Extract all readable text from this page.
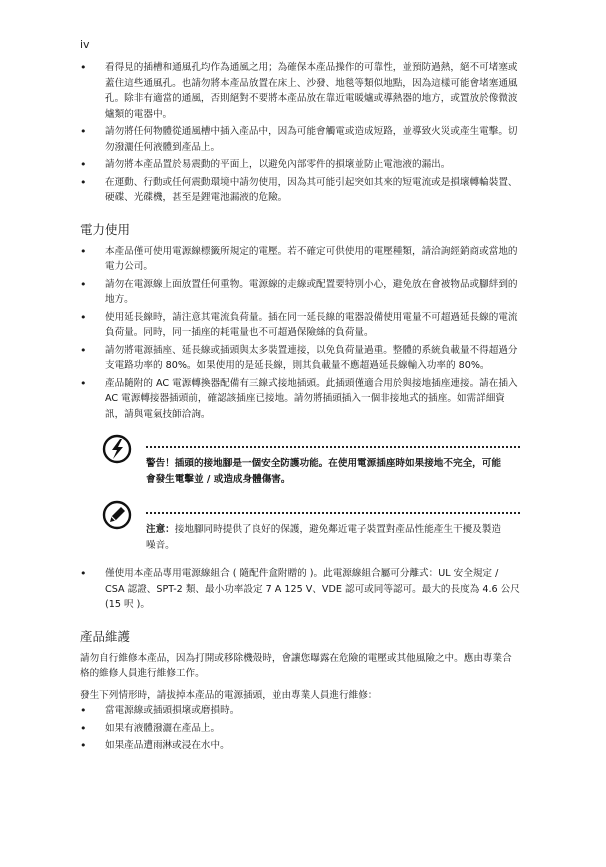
iv
• 看得見的插槽和通風孔均作為通風之用；為確保本產品操作的可靠性，並預防過熱，絕不可堵塞或蓋住這些通風孔。也請勿將本產品放置在床上、沙發、地毯等類似地點，因為這樣可能會堵塞通風孔。除非有適當的通風，否則絕對不要將本產品放在靠近電暖爐或導熱器的地方，或置放於像微波爐類的電器中。
• 請勿將任何物體從通風槽中插入產品中，因為可能會觸電或造成短路，並導致火災或產生電擊。切勿潑灑任何液體到產品上。
• 請勿將本產品置於易震動的平面上，以避免內部零件的損壞並防止電池液的漏出。
• 在運動、行動或任何震動環境中請勿使用，因為其可能引起突如其來的短電流或是損壞轉輪裝置、硬碟、光碟機，甚至是鋰電池漏液的危險。
電力使用
• 本產品僅可使用電源線標籤所規定的電壓。若不確定可供使用的電壓種類，請洽詢經銷商或當地的電力公司。
• 請勿在電源線上面放置任何重物。電源線的走線或配置要特別小心，避免放在會被物品或腳絆到的地方。
• 使用延長線時，請注意其電流負荷量。插在同一延長線的電器設備使用電量不可超過延長線的電流負荷量。同時，同一插座的耗電量也不可超過保險絲的負荷量。
• 請勿將電源插座、延長線或插頭與太多裝置連接，以免負荷量過重。整體的系統負載量不得超過分支電路功率的 80%。如果使用的是延長線，則其負載量不應超過延長線輸入功率的 80%。
• 產品隨附的 AC 電源轉換器配備有三線式接地插頭。此插頭僅適合用於與接地插座連接。請在插入 AC 電源轉接器插頭前，確認該插座已接地。請勿將插頭插入一個非接地式的插座。如需詳細資訊，請與電氣技師洽詢。
警告！插頭的接地腳是一個安全防護功能。在使用電源插座時如果接地不完全，可能會發生電擊並 / 或造成身體傷害。
注意：接地腳同時提供了良好的保護，避免鄰近電子裝置對產品性能產生干擾及製造噪音。
• 僅使用本產品專用電源線組合 ( 隨配件盒附贈的 )。此電源線組合屬可分離式：UL 安全規定 / CSA 認證、SPT-2 類、最小功率設定 7 A 125 V、VDE 認可或同等認可。最大的長度為 4.6 公尺 (15 呎 )。
產品維護

請勿自行維修本產品，因為打開或移除機殼時，會讓您曝露在危險的電壓或其他風險之中。應由專業合格的維修人員進行維修工作。

發生下列情形時，請拔掉本產品的電源插頭，並由專業人員進行維修：

• 當電源線或插頭損壞或磨損時。
• 如果有液體潑灑在產品上。
• 如果產品遭雨淋或浸在水中。
